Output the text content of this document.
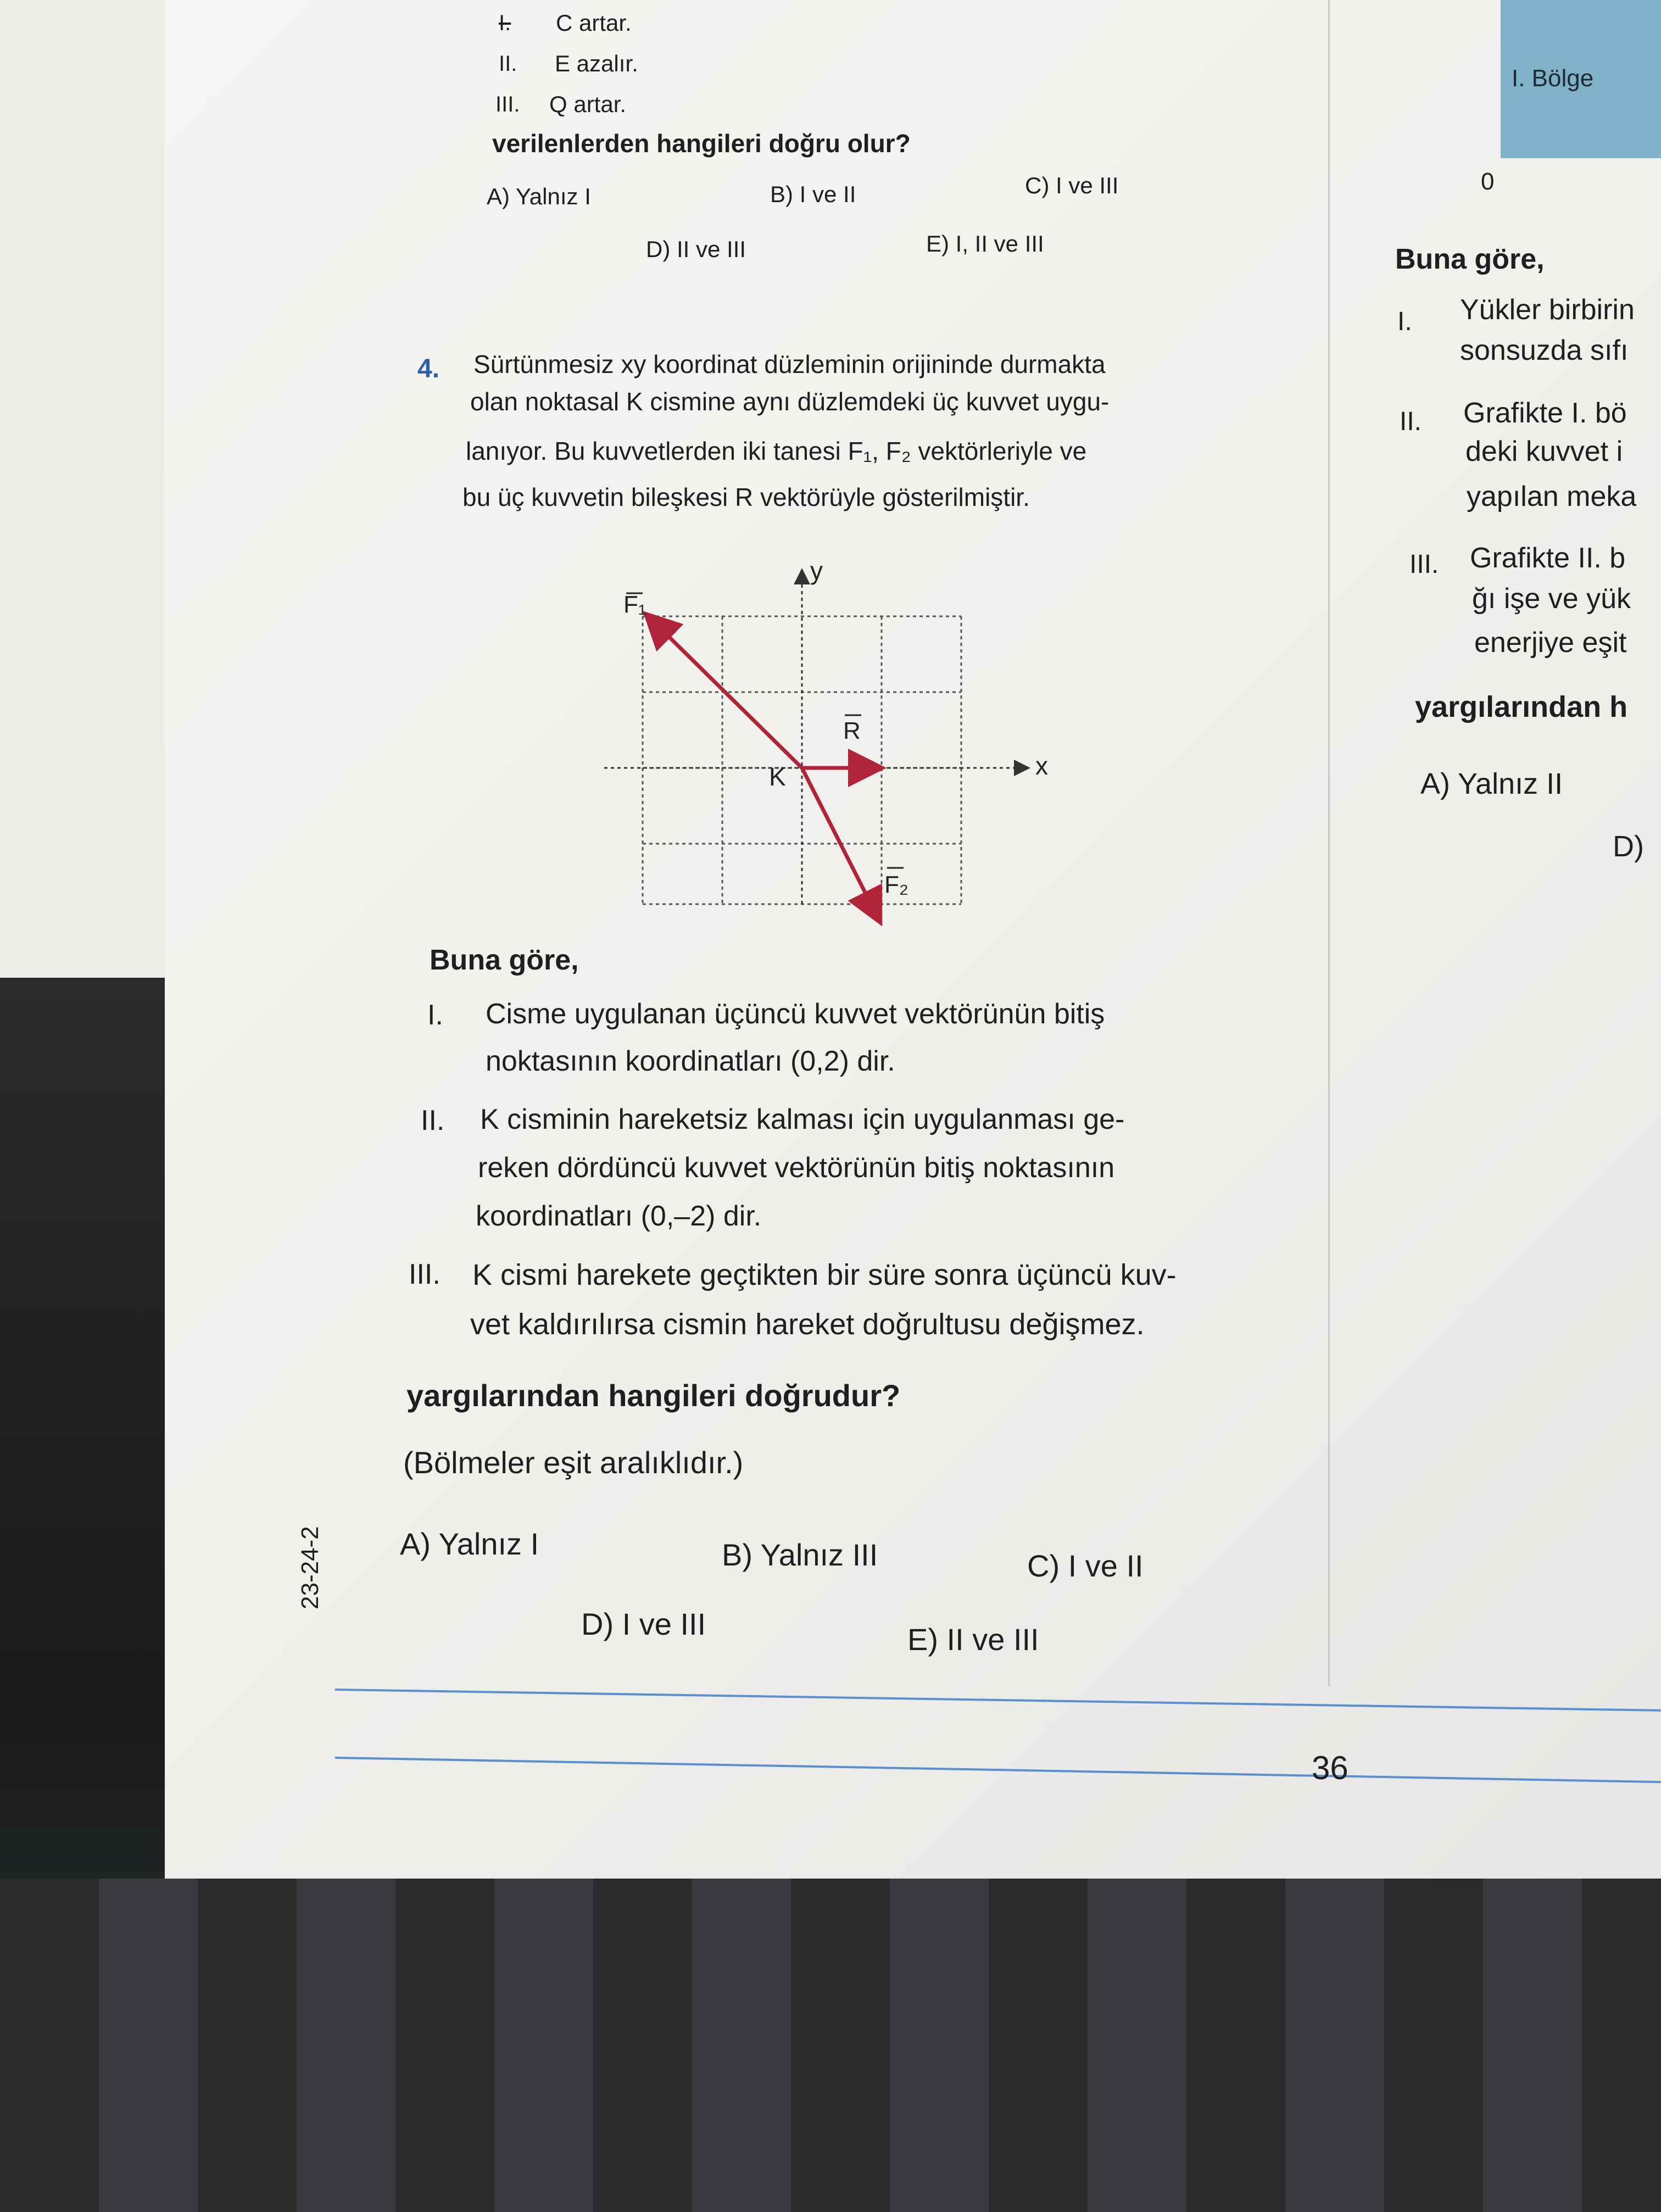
I. C artar.
II. E azalır.
III. Q artar.
verilenlerden hangileri doğru olur?
A) Yalnız I	B) I ve II	C) I ve III
D) II ve III	E) I, II ve III
4. Sürtünmesiz xy koordinat düzleminin orijininde durmakta
olan noktasal K cismine aynı düzlemdeki üç kuvvet uygu-
lanıyor. Bu kuvvetlerden iki tanesi F₁, F₂ vektörleriyle ve
bu üç kuvvetin bileşkesi R vektörüyle gösterilmiştir.
y
x
K
F₁
F₂
R
Buna göre,
I. Cisme uygulanan üçüncü kuvvet vektörünün bitiş
noktasının koordinatları (0,2) dir.
II. K cisminin hareketsiz kalması için uygulanması ge-
reken dördüncü kuvvet vektörünün bitiş noktasının
koordinatları (0,–2) dir.
III. K cismi harekete geçtikten bir süre sonra üçüncü kuv-
vet kaldırılırsa cismin hareket doğrultusu değişmez.
yargılarından hangileri doğrudur?
(Bölmeler eşit aralıklıdır.)
A) Yalnız I	B) Yalnız III	C) I ve II
D) I ve III	E) II ve III
23-24-2
36
I. Bölge
0
Buna göre,
I. Yükler birbirin
sonsuzda sıfı
II. Grafikte I. bö
deki kuvvet i
yapılan meka
III. Grafikte II. b
ğı işe ve yük
enerjiye eşit
yargılarından h
A) Yalnız II
D)
